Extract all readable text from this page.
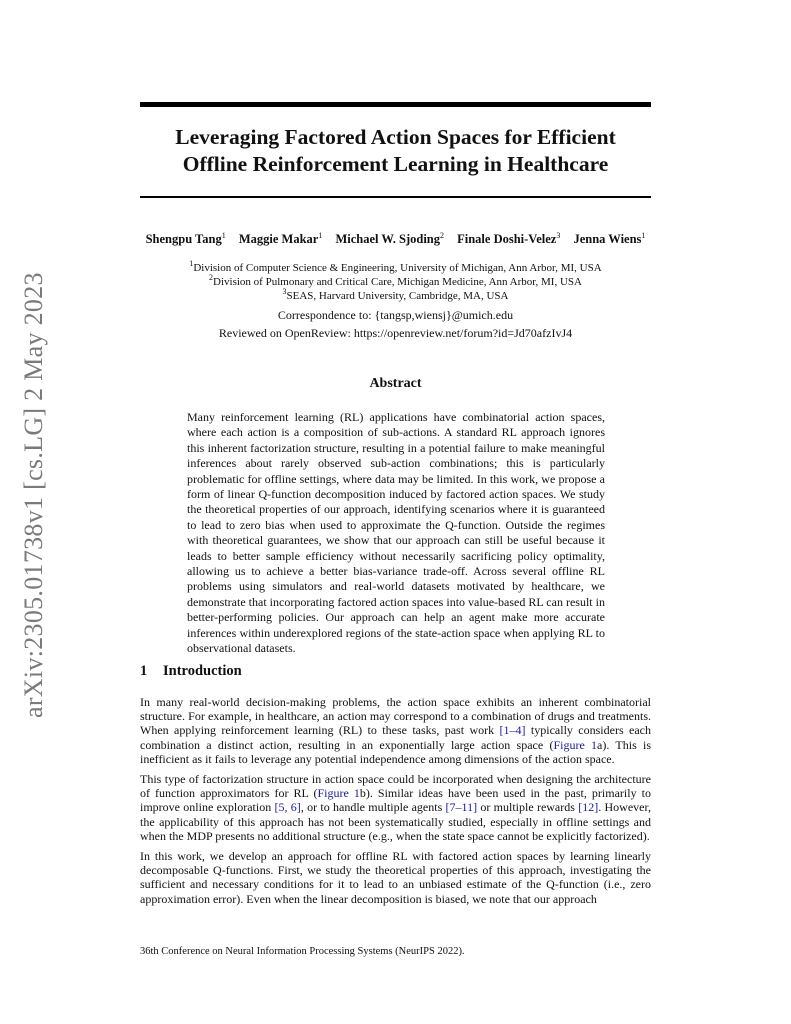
arXiv:2305.01738v1 [cs.LG] 2 May 2023
Leveraging Factored Action Spaces for Efficient
Offline Reinforcement Learning in Healthcare
Shengpu Tang$^1$ Maggie Makar$^1$ Michael W. Sjoding$^2$ Finale Doshi-Velez$^3$ Jenna Wiens$^1$
$^1$Division of Computer Science & Engineering, University of Michigan, Ann Arbor, MI, USA
$^2$Division of Pulmonary and Critical Care, Michigan Medicine, Ann Arbor, MI, USA
$^3$SEAS, Harvard University, Cambridge, MA, USA
Correspondence to: {tangsp,wiensj}@umich.edu
Reviewed on OpenReview: https://openreview.net/forum?id=Jd70afzIvJ4
Abstract
Many reinforcement learning (RL) applications have combinatorial action spaces, where each action is a composition of sub-actions. A standard RL approach ignores this inherent factorization structure, resulting in a potential failure to make meaningful inferences about rarely observed sub-action combinations; this is particularly problematic for offline settings, where data may be limited. In this work, we propose a form of linear Q-function decomposition induced by factored action spaces. We study the theoretical properties of our approach, identifying scenarios where it is guaranteed to lead to zero bias when used to approximate the Q-function. Outside the regimes with theoretical guarantees, we show that our approach can still be useful because it leads to better sample efficiency without necessarily sacrificing policy optimality, allowing us to achieve a better bias-variance trade-off. Across several offline RL problems using simulators and real-world datasets motivated by healthcare, we demonstrate that incorporating factored action spaces into value-based RL can result in better-performing policies. Our approach can help an agent make more accurate inferences within underexplored regions of the state-action space when applying RL to observational datasets.
1 Introduction

In many real-world decision-making problems, the action space exhibits an inherent combinatorial structure. For example, in healthcare, an action may correspond to a combination of drugs and treatments. When applying reinforcement learning (RL) to these tasks, past work [1–4] typically considers each combination a distinct action, resulting in an exponentially large action space (Figure 1a). This is inefficient as it fails to leverage any potential independence among dimensions of the action space.

This type of factorization structure in action space could be incorporated when designing the architecture of function approximators for RL (Figure 1b). Similar ideas have been used in the past, primarily to improve online exploration [5, 6], or to handle multiple agents [7–11] or multiple rewards [12]. However, the applicability of this approach has not been systematically studied, especially in offline settings and when the MDP presents no additional structure (e.g., when the state space cannot be explicitly factorized).

In this work, we develop an approach for offline RL with factored action spaces by learning linearly decomposable Q-functions. First, we study the theoretical properties of this approach, investigating the sufficient and necessary conditions for it to lead to an unbiased estimate of the Q-function (i.e., zero approximation error). Even when the linear decomposition is biased, we note that our approach

36th Conference on Neural Information Processing Systems (NeurIPS 2022).
